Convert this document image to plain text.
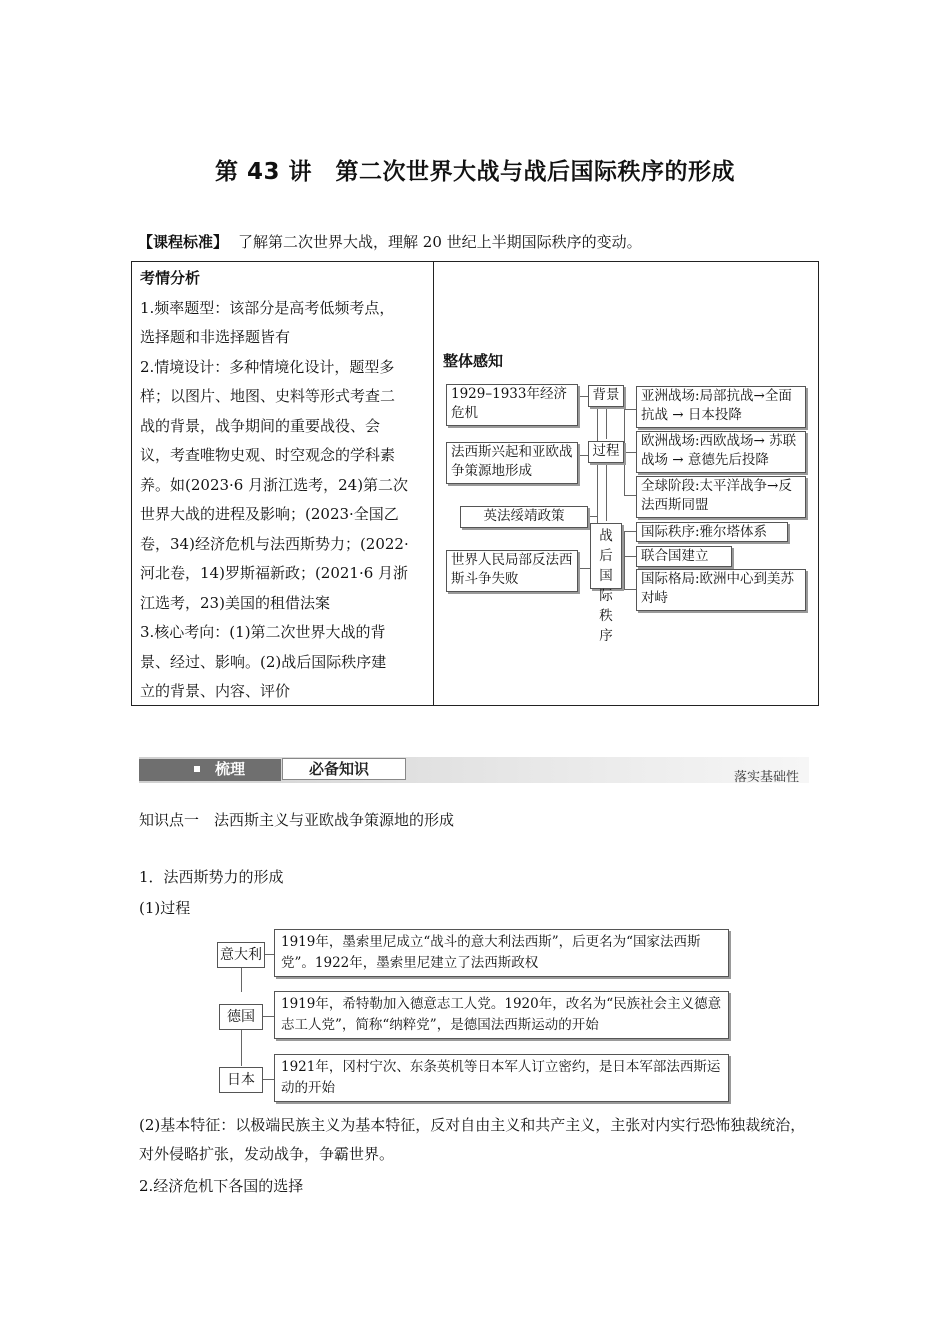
第 43 讲　第二次世界大战与战后国际秩序的形成
【课程标准】 了解第二次世界大战，理解 20 世纪上半期国际秩序的变动。
考情分析
1.频率题型：该部分是高考低频考点，
选择题和非选择题皆有
2.情境设计：多种情境化设计，题型多
样；以图片、地图、史料等形式考查二
战的背景，战争期间的重要战役、会
议，考查唯物史观、时空观念的学科素
养。如(2023·6 月浙江选考，24)第二次
世界大战的进程及影响；(2023·全国乙
卷，34)经济危机与法西斯势力；(2022·
河北卷，14)罗斯福新政；(2021·6 月浙
江选考，23)美国的租借法案
3.核心考向：(1)第二次世界大战的背
景、经过、影响。(2)战后国际秩序建
立的背景、内容、评价
整体感知
1929–1933年经济危机
法西斯兴起和亚欧战争策源地形成
英法绥靖政策
世界人民局部反法西斯斗争失败
背景
过程
战后国际秩序
亚洲战场:局部抗战→全面抗战 → 日本投降
欧洲战场:西欧战场→ 苏联战场 → 意德先后投降
全球阶段:太平洋战争→反法西斯同盟
国际秩序:雅尔塔体系
联合国建立
国际格局:欧洲中心到美苏对峙
梳理	必备知识	落实基础性
知识点一　法西斯主义与亚欧战争策源地的形成
1．法西斯势力的形成
(1)过程
意大利
德国
日本
1919年，墨索里尼成立“战斗的意大利法西斯”，后更名为“国家法西斯党”。1922年，墨索里尼建立了法西斯政权
1919年，希特勒加入德意志工人党。1920年，改名为“民族社会主义德意志工人党”，简称“纳粹党”，是德国法西斯运动的开始
1921年，冈村宁次、东条英机等日本军人订立密约，是日本军部法西斯运动的开始
(2)基本特征：以极端民族主义为基本特征，反对自由主义和共产主义，主张对内实行恐怖独裁统治，对外侵略扩张，发动战争，争霸世界。
2.经济危机下各国的选择
